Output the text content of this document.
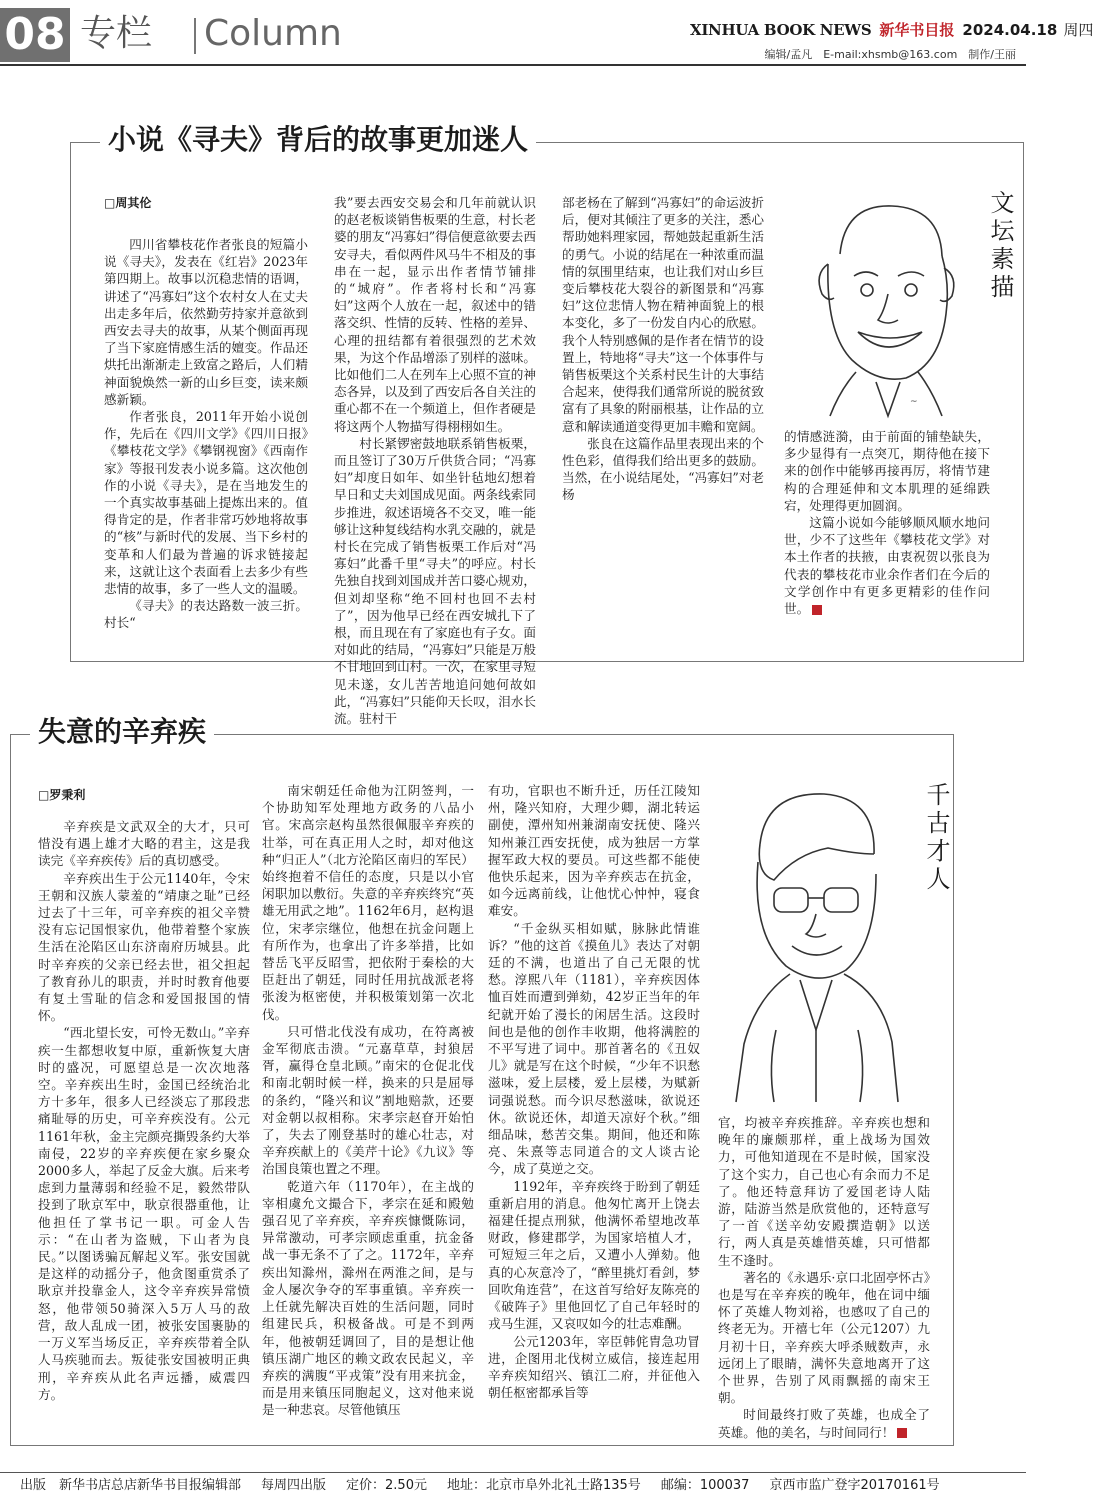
08 专栏 Column	XINHUA BOOK NEWS 新华书目报 2024.04.18 周四
编辑/孟凡　E-mail:xhsmb@163.com　制作/王丽
小说《寻夫》背后的故事更加迷人
□周其伦

四川省攀枝花作者张良的短篇小说《寻夫》，发表在《红岩》2023年第四期上。故事以沉稳悲情的语调，讲述了“冯寡妇”这个农村女人在丈夫出走多年后，依然勤劳持家并意欲到西安去寻夫的故事，从某个侧面再现了当下家庭情感生活的嬗变。作品还烘托出渐渐走上致富之路后，人们精神面貌焕然一新的山乡巨变，读来颇感新颖。

作者张良，2011年开始小说创作，先后在《四川文学》《四川日报》《攀枝花文学》《攀钢视窗》《西南作家》等报刊发表小说多篇。这次他创作的小说《寻夫》，是在当地发生的一个真实故事基础上提炼出来的。值得肯定的是，作者非常巧妙地将故事的“核”与新时代的发展、当下乡村的变革和人们最为普遍的诉求链接起来，这就让这个表面看上去多少有些悲情的故事，多了一些人文的温暖。

《寻夫》的表达路数一波三折。村长“

我”要去西安交易会和几年前就认识的赵老板谈销售板栗的生意，村长老婆的朋友“冯寡妇”得信便意欲要去西安寻夫，看似两件风马牛不相及的事串在一起，显示出作者情节铺排的“城府”。作者将村长和“冯寡妇”这两个人放在一起，叙述中的错落交织、性情的反转、性格的差异、心理的扭结都有着很强烈的艺术效果，为这个作品增添了别样的滋味。比如他们二人在列车上心照不宣的神态各异，以及到了西安后各自关注的重心都不在一个频道上，但作者硬是将这两个人物描写得栩栩如生。

村长紧锣密鼓地联系销售板栗，而且签订了30万斤供货合同；“冯寡妇”却度日如年、如坐针毡地幻想着早日和丈夫刘国成见面。两条线索同步推进，叙述语境各不交叉，唯一能够让这种复线结构水乳交融的，就是村长在完成了销售板栗工作后对“冯寡妇”此番千里“寻夫”的呼应。村长先独自找到刘国成并苦口婆心规劝，但刘却坚称“绝不回村也回不去村了”，因为他早已经在西安城扎下了根，而且现在有了家庭也有子女。面对如此的结局，“冯寡妇”只能是万般不甘地回到山村。一次，在家里寻短见未遂，女儿苦苦地追问她何故如此，“冯寡妇”只能仰天长叹，泪水长流。驻村干

部老杨在了解到“冯寡妇”的命运波折后，便对其倾注了更多的关注，悉心帮助她料理家园，帮她鼓起重新生活的勇气。小说的结尾在一种浓重而温情的氛围里结束，也让我们对山乡巨变后攀枝花大裂谷的新图景和“冯寡妇”这位悲情人物在精神面貌上的根本变化，多了一份发自内心的欣慰。我个人特别感佩的是作者在情节的设置上，特地将“寻夫”这一个体事件与销售板栗这个关系村民生计的大事结合起来，使得我们通常所说的脱贫致富有了具象的附丽根基，让作品的立意和解读通道变得更加丰赡和宽阔。

张良在这篇作品里表现出来的个性色彩，值得我们给出更多的鼓励。当然，在小说结尾处，“冯寡妇”对老杨

的情感涟漪，由于前面的铺垫缺失，多少显得有一点突兀，期待他在接下来的创作中能够再接再厉，将情节建构的合理延伸和文本肌理的延绵跌宕，处理得更加圆润。

这篇小说如今能够顺风顺水地问世，少不了这些年《攀枝花文学》对本土作者的扶掖，由衷祝贺以张良为代表的攀枝花市业余作者们在今后的文学创作中有更多更精彩的佳作问世。

文坛素描
~
失意的辛弃疾
□罗秉利

辛弃疾是文武双全的大才，只可惜没有遇上雄才大略的君主，这是我读完《辛弃疾传》后的真切感受。

辛弃疾出生于公元1140年，令宋王朝和汉族人蒙羞的“靖康之耻”已经过去了十三年，可辛弃疾的祖父辛赞没有忘记国恨家仇，他带着整个家族生活在沦陷区山东济南府历城县。此时辛弃疾的父亲已经去世，祖父担起了教育孙儿的职责，并时时教育他要有复土雪耻的信念和爱国报国的情怀。

“西北望长安，可怜无数山。”辛弃疾一生都想收复中原，重新恢复大唐时的盛况，可愿望总是一次次地落空。辛弃疾出生时，金国已经统治北方十多年，很多人已经淡忘了那段悲痛耻辱的历史，可辛弃疾没有。公元1161年秋，金主完颜亮撕毁条约大举南侵，22岁的辛弃疾便在家乡聚众2000多人，举起了反金大旗。后来考虑到力量薄弱和经验不足，毅然带队投到了耿京军中，耿京很器重他，让他担任了掌书记一职。可金人告示：“在山者为盗贼，下山者为良民。”以图诱骗瓦解起义军。张安国就是这样的动摇分子，他贪图重赏杀了耿京并投靠金人，这令辛弃疾异常愤怒，他带领50骑深入5万人马的敌营，敌人乱成一团，被张安国裹胁的一万义军当场反正，辛弃疾带着全队人马疾驰而去。叛徒张安国被明正典刑，辛弃疾从此名声远播，威震四方。

南宋朝廷任命他为江阴签判，一个协助知军处理地方政务的八品小官。宋高宗赵构虽然很佩服辛弃疾的壮举，可在真正用人之时，却对他这种“归正人”（北方沦陷区南归的军民）始终抱着不信任的态度，只是以小官闲职加以敷衍。失意的辛弃疾终究“英雄无用武之地”。1162年6月，赵构退位，宋孝宗继位，他想在抗金问题上有所作为，也拿出了许多举措，比如替岳飞平反昭雪，把依附于秦桧的大臣赶出了朝廷，同时任用抗战派老将张浚为枢密使，并积极策划第一次北伐。

只可惜北伐没有成功，在符离被金军彻底击溃。“元嘉草草，封狼居胥，赢得仓皇北顾。”南宋的仓促北伐和南北朝时候一样，换来的只是屈辱的条约，“隆兴和议”割地赔款，还要对金朝以叔相称。宋孝宗赵眘开始怕了，失去了刚登基时的雄心壮志，对辛弃疾献上的《美芹十论》《九议》等治国良策也置之不理。

乾道六年（1170年），在主战的宰相虞允文撮合下，孝宗在延和殿勉强召见了辛弃疾，辛弃疾慷慨陈词，异常激动，可孝宗顾虑重重，抗金备战一事无条不了了之。1172年，辛弃疾出知滁州，滁州在两淮之间，是与金人屡次争夺的军事重镇。辛弃疾一上任就先解决百姓的生活问题，同时组建民兵，积极备战。可是不到两年，他被朝廷调回了，目的是想让他镇压湖广地区的赖文政农民起义，辛弃疾的满腹“平戎策”没有用来抗金，而是用来镇压同胞起义，这对他来说是一种悲哀。尽管他镇压

有功，官职也不断升迁，历任江陵知州，隆兴知府，大理少卿，湖北转运副使，潭州知州兼湖南安抚使、隆兴知州兼江西安抚使，成为独居一方掌握军政大权的要员。可这些都不能使他快乐起来，因为辛弃疾志在抗金，如今远离前线，让他忧心忡忡，寝食难安。

“千金纵买相如赋，脉脉此情谁诉？”他的这首《摸鱼儿》表达了对朝廷的不满，也道出了自己无限的忧愁。淳熙八年（1181），辛弃疾因体恤百姓而遭到弹劾，42岁正当年的年纪就开始了漫长的闲居生活。这段时间也是他的创作丰收期，他将满腔的不平写进了词中。那首著名的《丑奴儿》就是写在这个时候，“少年不识愁滋味，爱上层楼，爱上层楼，为赋新词强说愁。而今识尽愁滋味，欲说还休。欲说还休，却道天凉好个秋。”细细品味，愁苦交集。期间，他还和陈亮、朱熹等志同道合的文人谈古论今，成了莫逆之交。

1192年，辛弃疾终于盼到了朝廷重新启用的消息。他匆忙离开上饶去福建任提点刑狱，他满怀希望地改革财政，修建郡学，为国家培植人才，可短短三年之后，又遭小人弹劾。他真的心灰意冷了，“醉里挑灯看剑，梦回吹角连营”，在这首写给好友陈亮的《破阵子》里他回忆了自己年轻时的戎马生涯，又哀叹如今的壮志难酬。

公元1203年，宰臣韩侂胄急功冒进，企图用北伐树立威信，接连起用辛弃疾知绍兴、镇江二府，并征他入朝任枢密都承旨等

官，均被辛弃疾推辞。辛弃疾也想和晚年的廉颇那样，重上战场为国效力，可他知道现在不是时候，国家没了这个实力，自己也心有余而力不足了。他还特意拜访了爱国老诗人陆游，陆游当然是欣赏他的，还特意写了一首《送辛幼安殿撰造朝》以送行，两人真是英雄惜英雄，只可惜都生不逢时。

著名的《永遇乐·京口北固亭怀古》也是写在辛弃疾的晚年，他在词中缅怀了英雄人物刘裕，也感叹了自己的终老无为。开禧七年（公元1207）九月初十日，辛弃疾大呼杀贼数声，永远闭上了眼睛，满怀失意地离开了这个世界，告别了风雨飘摇的南宋王朝。

时间最终打败了英雄，也成全了英雄。他的美名，与时间同行！

千古才人
出版　新华书店总店新华书目报编辑部 每周四出版 定价：2.50元 地址：北京市阜外北礼士路135号 邮编：100037 京西市监广登字20170161号
